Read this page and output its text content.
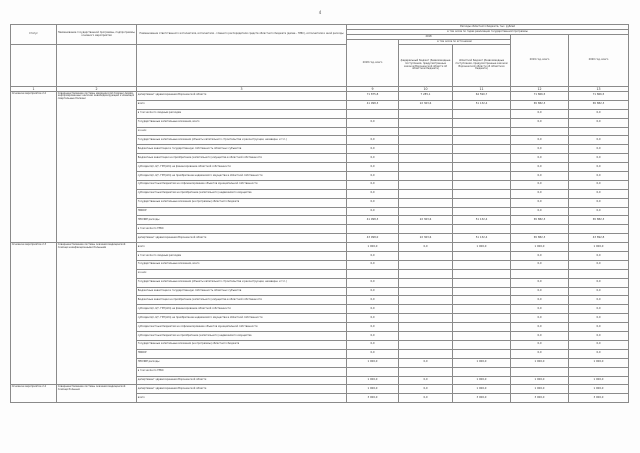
4
Статус	Наименование государственной программы, подпрограммы, основного мероприятия	Наименование ответственного исполнителя, исполнителя - главного распорядителя средств областного бюджета (далее - ГРБС), исполнителя и иной расходы	Расходы областного бюджета, тыс. рублей				
			в том числе по годам реализации государственной программы				
			2018			2019 год, всего	2020 год, всего
			2018 год, всего	в том числе по источникам			
				федеральный бюджет (безвозмездные поступления, предусмотренные законом Воронежской области об областном бюджете)	областной бюджет (безвозмездные поступления, предусмотренные законом Воронежской области об областном бюджете)		
1	2	3	9	10	11	12	13
Основное мероприятие 2.2	Совершенствование системы медицинской помощи людям, информированных наличии инвалидизирующей и имеющих смертельные болезни	департамент здравоохранения Воронежской области	71 875,8	7 285,1	64 590,7	71 866,5	71 866,5
		всего	41 998,3	22 363,6	51 132,4	65 882,3	65 882,3
		в том числе по сводным расходам				0,0	0,0
		Государственные капитальные вложения, всего	0,0			0,0	0,0
		из них:					
		Государственные капитальные вложения (объекты капитального строительства и реконструкции, незаверш. и т.п.)	0,0			0,0	0,0
		Бюджетные инвестиции в государственную собственность областных субъектов	0,0			0,0	0,0
		Бюджетные инвестиции на приобретение (капитального) имущества в областной собственности	0,0			0,0	0,0
		субсидии ЦС, ЦТ, ГУП(обл) на финансирование областной собственности	0,0			0,0	0,0
		субсидии ЦС, ЦТ, ГУП(обл) на приобретение недвижимого имущества в областной собственности	0,0			0,0	0,0
		субсидии местным бюджетам на софинансирование объектов муниципальной собственности	0,0			0,0	0,0
		субсидии местным бюджетам на приобретение (капитального) недвижимого имущества	0,0			0,0	0,0
		Государственные капитальные вложения (на программы) областного бюджета	0,0			0,0	0,0
		НИОКР	0,0			0,0	0,0
		ПРОЧИЕ расходы	41 998,3	22 363,6	51 132,4	65 882,3	65 882,3
		в том числе по ГРБС:					
		департамент здравоохранения Воронежской области	43 998,0	22 363,6	51 132,4	65 882,3	43 892,8
Основное мероприятие 2.3	Совершенствование системы оказания медицинской помощи неинфекционными больными	всего	1 000,0	0,0	1 000,0	1 000,0	1 000,0
		в том числе по сводным расходам	0,0			0,0	0,0
		Государственные капитальные вложения, всего	0,0			0,0	0,0
		из них:					
		Государственные капитальные вложения (объекты капитального строительства и реконструкции, незаверш. и т.п.)	0,0			0,0	0,0
		Бюджетные инвестиции в государственную собственность областных субъектов	0,0			0,0	0,0
		Бюджетные инвестиции на приобретение (капитального) имущества в областной собственности	0,0			0,0	0,0
		субсидии ЦС, ЦТ, ГУП(обл) на финансирование областной собственности	0,0			0,0	0,0
		субсидии ЦС, ЦТ, ГУП(обл) на приобретение недвижимого имущества в областной собственности	0,0			0,0	0,0
		субсидии местным бюджетам на софинансирование объектов муниципальной собственности	0,0			0,0	0,0
		субсидии местным бюджетам на приобретение (капитального) недвижимого имущества	0,0			0,0	0,0
		Государственные капитальные вложения (на программы) областного бюджета	0,0			0,0	0,0
		НИОКР	0,0			0,0	0,0
		ПРОЧИЕ расходы	1 000,0	0,0	1 000,0	1 000,0	1 000,0
		в том числе по ГРБС:					
		департамент здравоохранения Воронежской области	1 000,0	0,0	1 000,0	1 000,0	1 000,0
Основное мероприятие 2.4	Совершенствование системы оказания медицинской помощи больным	департамент здравоохранения Воронежской области	1 000,0	0,0	1 000,0	1 000,0	1 000,0
		всего	3 000,0	0,0	3 000,0	3 000,0	3 000,0
